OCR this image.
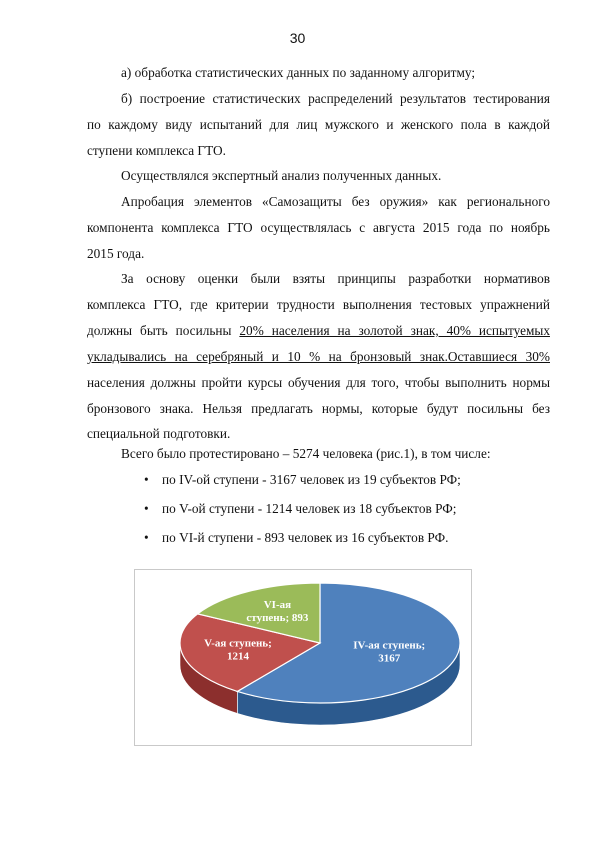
30

а) обработка статистических данных по заданному алгоритму;

б) построение статистических распределений результатов тестирования
по каждому виду испытаний для лиц мужского и женского пола в каждой
ступени комплекса ГТО.

Осуществлялся экспертный анализ полученных данных.

Апробация элементов «Самозащиты без оружия» как регионального
компонента комплекса ГТО осуществлялась с августа 2015 года по ноябрь
2015 года.
За основу оценки были взяты принципы разработки нормативов
комплекса ГТО, где критерии трудности выполнения тестовых упражнений
должны быть посильны 20% населения на золотой знак, 40% испытуемых
укладывались на серебряный и 10 % на бронзовый знак.Оставшиеся 30%
населения должны пройти курсы обучения для того, чтобы выполнить нормы
бронзового знака. Нельзя предлагать нормы, которые будут посильны без
специальной подготовки.

Всего было протестировано – 5274 человека (рис.1), в том числе:

• по IV-ой ступени - 3167 человек из 19 субъектов РФ;
• по V-ой ступени - 1214 человек из 18 субъектов РФ;
• по VI-й ступени - 893 человек из 16 субъектов РФ.
IV-ая ступень; 3167
V-ая ступень; 1214
VI-ая ступень; 893
